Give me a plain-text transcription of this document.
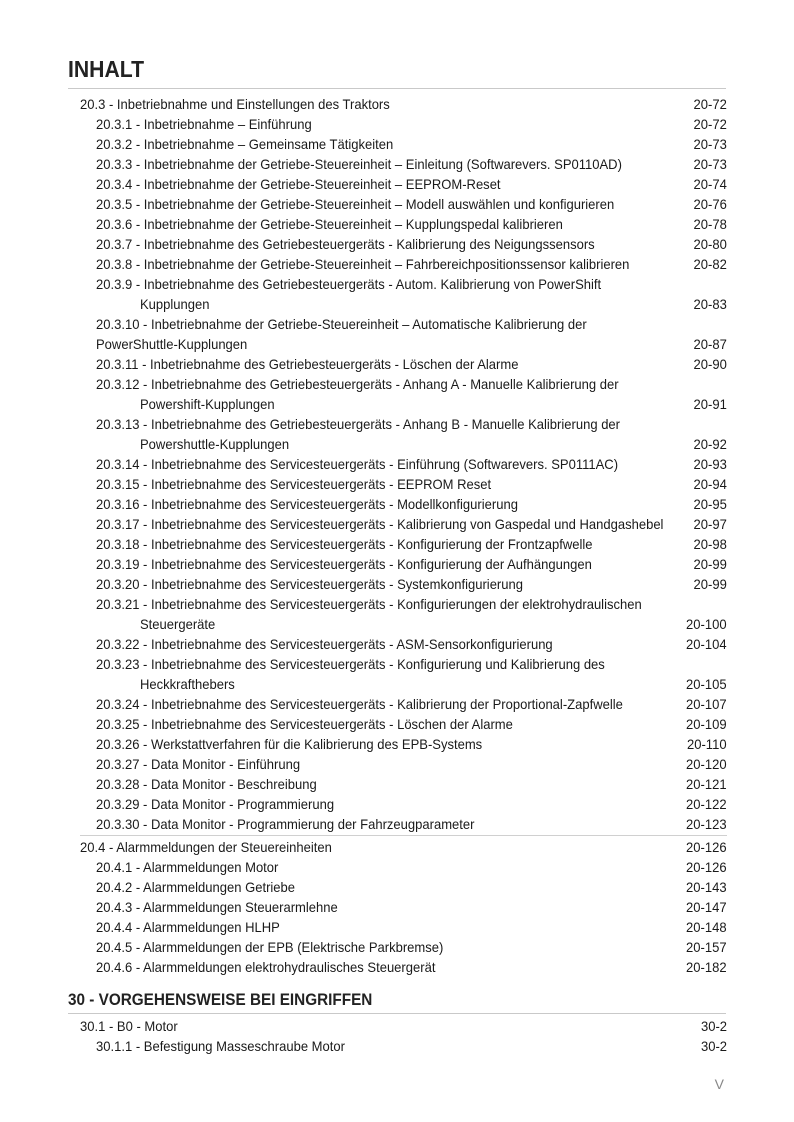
INHALT
20.3 - Inbetriebnahme und Einstellungen des Traktors	20-72
20.3.1 - Inbetriebnahme – Einführung	20-72
20.3.2 - Inbetriebnahme – Gemeinsame Tätigkeiten	20-73
20.3.3 - Inbetriebnahme der Getriebe-Steuereinheit – Einleitung (Softwarevers. SP0110AD)	20-73
20.3.4 - Inbetriebnahme der Getriebe-Steuereinheit – EEPROM-Reset	20-74
20.3.5 - Inbetriebnahme der Getriebe-Steuereinheit – Modell auswählen und konfigurieren	20-76
20.3.6 - Inbetriebnahme der Getriebe-Steuereinheit – Kupplungspedal kalibrieren	20-78
20.3.7 - Inbetriebnahme des Getriebesteuergeräts - Kalibrierung des Neigungssensors	20-80
20.3.8 - Inbetriebnahme der Getriebe-Steuereinheit – Fahrbereichpositionssensor kalibrieren	20-82
20.3.9 - Inbetriebnahme des Getriebesteuergeräts - Autom. Kalibrierung von PowerShift
Kupplungen	20-83
20.3.10 - Inbetriebnahme der Getriebe-Steuereinheit – Automatische Kalibrierung der
PowerShuttle-Kupplungen	20-87
20.3.11 - Inbetriebnahme des Getriebesteuergeräts - Löschen der Alarme	20-90
20.3.12 - Inbetriebnahme des Getriebesteuergeräts - Anhang A - Manuelle Kalibrierung der
Powershift-Kupplungen	20-91
20.3.13 - Inbetriebnahme des Getriebesteuergeräts - Anhang B - Manuelle Kalibrierung der
Powershuttle-Kupplungen	20-92
20.3.14 - Inbetriebnahme des Servicesteuergeräts - Einführung (Softwarevers. SP0111AC)	20-93
20.3.15 - Inbetriebnahme des Servicesteuergeräts - EEPROM Reset	20-94
20.3.16 - Inbetriebnahme des Servicesteuergeräts - Modellkonfigurierung	20-95
20.3.17 - Inbetriebnahme des Servicesteuergeräts - Kalibrierung von Gaspedal und Handgashebel 20-97
20.3.18 - Inbetriebnahme des Servicesteuergeräts - Konfigurierung der Frontzapfwelle	20-98
20.3.19 - Inbetriebnahme des Servicesteuergeräts - Konfigurierung der Aufhängungen	20-99
20.3.20 - Inbetriebnahme des Servicesteuergeräts - Systemkonfigurierung	20-99
20.3.21 - Inbetriebnahme des Servicesteuergeräts - Konfigurierungen der elektrohydraulischen
Steuergeräte	20-100
20.3.22 - Inbetriebnahme des Servicesteuergeräts - ASM-Sensorkonfigurierung	20-104
20.3.23 - Inbetriebnahme des Servicesteuergeräts - Konfigurierung und Kalibrierung des
Heckkrafthebers	20-105
20.3.24 - Inbetriebnahme des Servicesteuergeräts - Kalibrierung der Proportional-Zapfwelle	20-107
20.3.25 - Inbetriebnahme des Servicesteuergeräts - Löschen der Alarme	20-109
20.3.26 - Werkstattverfahren für die Kalibrierung des EPB-Systems	20-110
20.3.27 - Data Monitor - Einführung	20-120
20.3.28 - Data Monitor - Beschreibung	20-121
20.3.29 - Data Monitor - Programmierung	20-122
20.3.30 - Data Monitor - Programmierung der Fahrzeugparameter	20-123
20.4 - Alarmmeldungen der Steuereinheiten	20-126
20.4.1 - Alarmmeldungen Motor	20-126
20.4.2 - Alarmmeldungen Getriebe	20-143
20.4.3 - Alarmmeldungen Steuerarmlehne	20-147
20.4.4 - Alarmmeldungen HLHP	20-148
20.4.5 - Alarmmeldungen der EPB (Elektrische Parkbremse)	20-157
20.4.6 - Alarmmeldungen elektrohydraulisches Steuergerät	20-182
30 - VORGEHENSWEISE BEI EINGRIFFEN
30.1 - B0 - Motor	30-2
30.1.1 - Befestigung Masseschraube Motor	30-2
V
